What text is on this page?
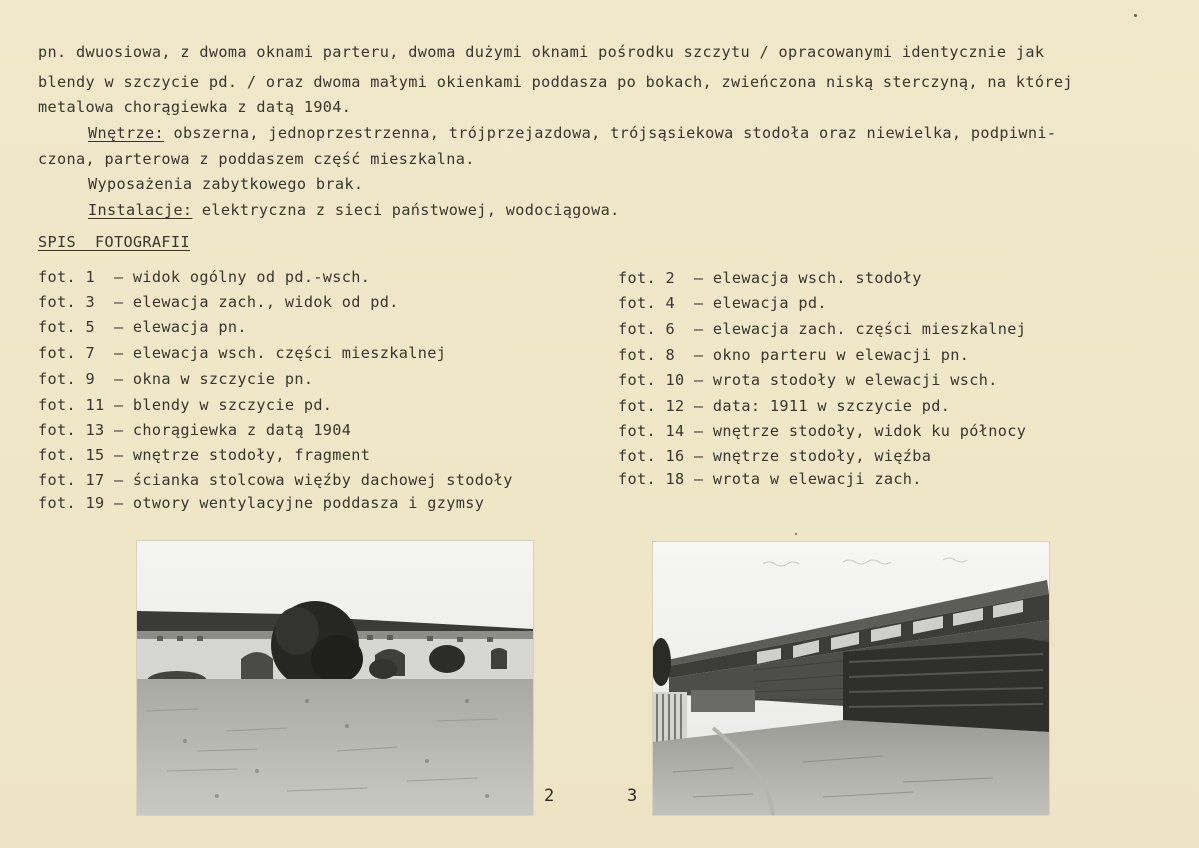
pn. dwuosiowa, z dwoma oknami parteru, dwoma dużymi oknami pośrodku szczytu / opracowanymi identycznie jak
blendy w szczycie pd. / oraz dwoma małymi okienkami poddasza po bokach, zwieńczona niską sterczyną, na której
metalowa chorągiewka z datą 1904.
Wnętrze: obszerna, jednoprzestrzenna, trójprzejazdowa, trójsąsiekowa stodoła oraz niewielka, podpiwni-
czona, parterowa z poddaszem część mieszkalna.
Wyposażenia zabytkowego brak.
Instalacje: elektryczna z sieci państwowej, wodociągowa.
SPIS  FOTOGRAFII
fot. 1  – widok ogólny od pd.-wsch.
fot. 3  – elewacja zach., widok od pd.
fot. 5  – elewacja pn.
fot. 7  – elewacja wsch. części mieszkalnej
fot. 9  – okna w szczycie pn.
fot. 11 – blendy w szczycie pd.
fot. 13 – chorągiewka z datą 1904
fot. 15 – wnętrze stodoły, fragment
fot. 17 – ścianka stolcowa więźby dachowej stodoły
fot. 19 – otwory wentylacyjne poddasza i gzymsy
fot. 2  – elewacja wsch. stodoły
fot. 4  – elewacja pd.
fot. 6  – elewacja zach. części mieszkalnej
fot. 8  – okno parteru w elewacji pn.
fot. 10 – wrota stodoły w elewacji wsch.
fot. 12 – data: 1911 w szczycie pd.
fot. 14 – wnętrze stodoły, widok ku północy
fot. 16 – wnętrze stodoły, więźba
fot. 18 – wrota w elewacji zach.
2	3
